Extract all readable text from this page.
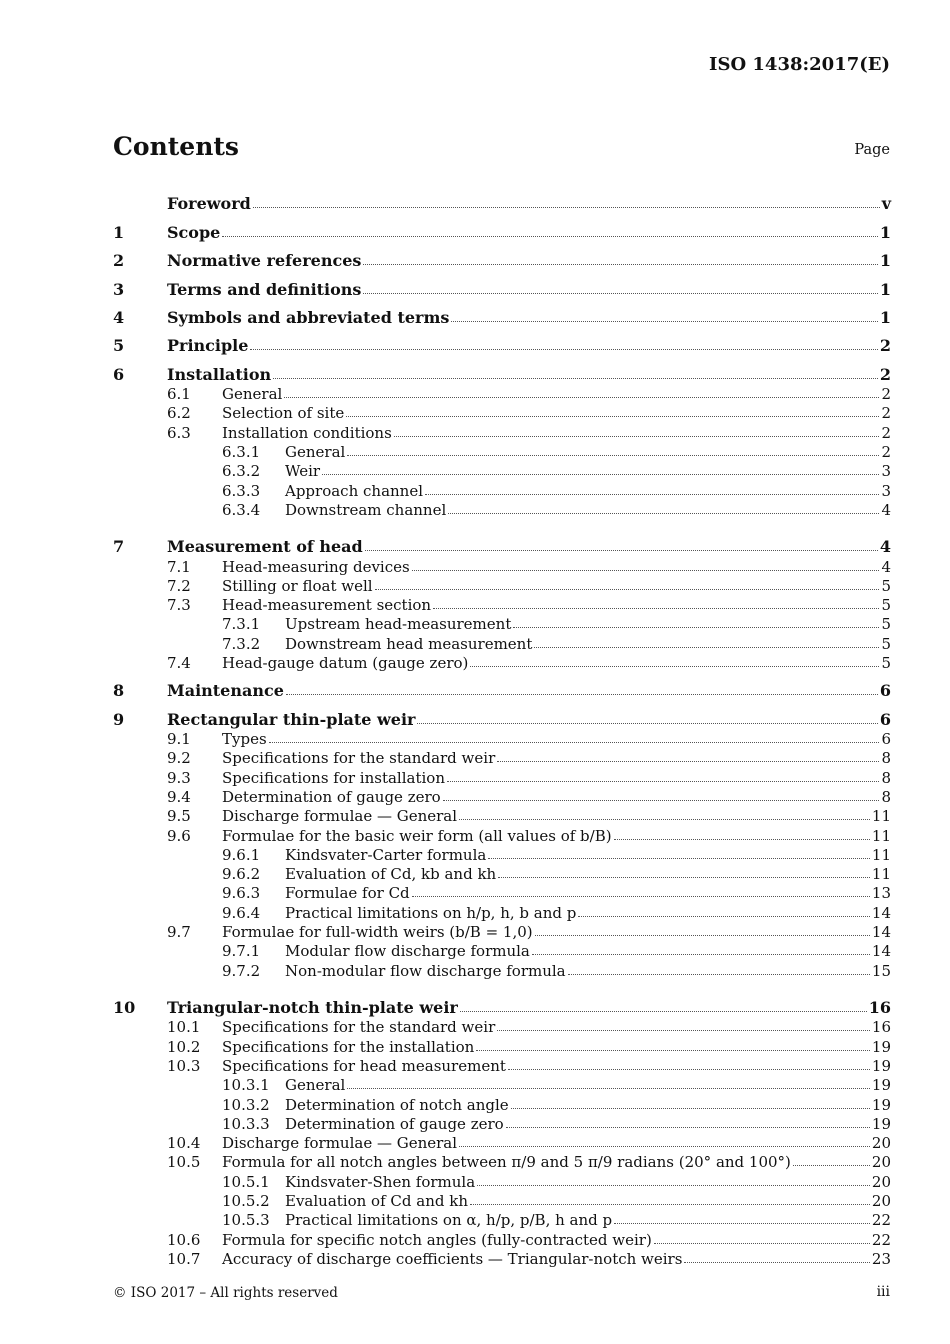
ISO 1438:2017(E)
Contents	Page
Foreword	v
1	Scope	1
2	Normative references	1
3	Terms and definitions	1
4	Symbols and abbreviated terms	1
5	Principle	2
6	Installation	2
6.1	General	2
6.2	Selection of site	2
6.3	Installation conditions	2
6.3.1	General	2
6.3.2	Weir	3
6.3.3	Approach channel	3
6.3.4	Downstream channel	4
7	Measurement of head	4
7.1	Head-measuring devices	4
7.2	Stilling or float well	5
7.3	Head-measurement section	5
7.3.1	Upstream head-measurement	5
7.3.2	Downstream head measurement	5
7.4	Head-gauge datum (gauge zero)	5
8	Maintenance	6
9	Rectangular thin-plate weir	6
9.1	Types	6
9.2	Specifications for the standard weir	8
9.3	Specifications for installation	8
9.4	Determination of gauge zero	8
9.5	Discharge formulae — General	11
9.6	Formulae for the basic weir form (all values of b/B)	11
9.6.1	Kindsvater-Carter formula	11
9.6.2	Evaluation of Cd, kb and kh	11
9.6.3	Formulae for Cd	13
9.6.4	Practical limitations on h/p, h, b and p	14
9.7	Formulae for full-width weirs (b/B = 1,0)	14
9.7.1	Modular flow discharge formula	14
9.7.2	Non-modular flow discharge formula	15
10	Triangular-notch thin-plate weir	16
10.1	Specifications for the standard weir	16
10.2	Specifications for the installation	19
10.3	Specifications for head measurement	19
10.3.1	General	19
10.3.2	Determination of notch angle	19
10.3.3	Determination of gauge zero	19
10.4	Discharge formulae — General	20
10.5	Formula for all notch angles between π/9 and 5 π/9 radians (20° and 100°)	20
10.5.1	Kindsvater-Shen formula	20
10.5.2	Evaluation of Cd and kh	20
10.5.3	Practical limitations on α, h/p, p/B, h and p	22
10.6	Formula for specific notch angles (fully-contracted weir)	22
10.7	Accuracy of discharge coefficients — Triangular-notch weirs	23
© ISO 2017 – All rights reserved	iii
